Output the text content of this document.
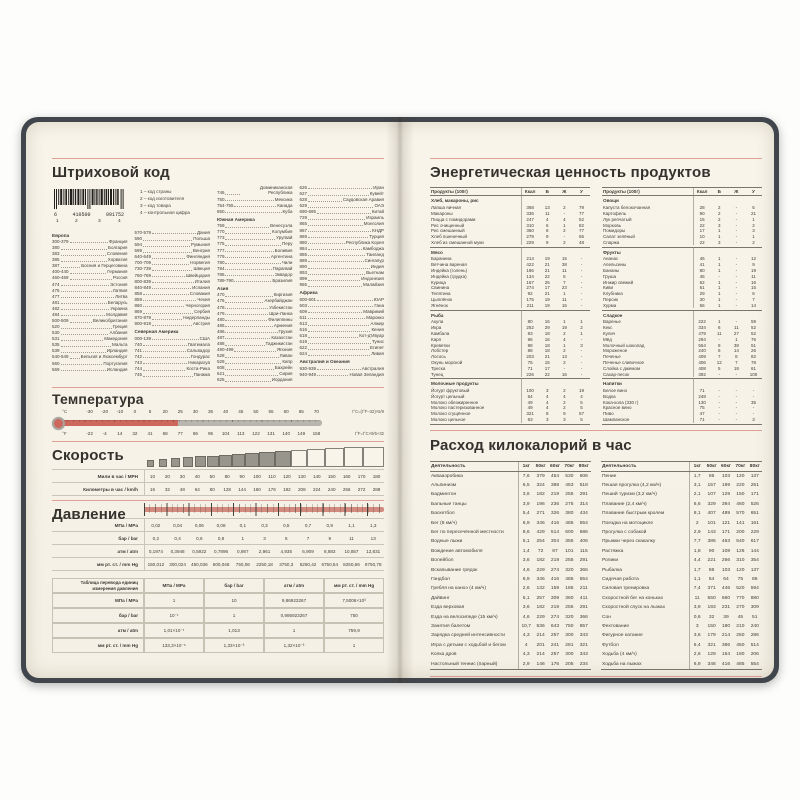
Штриховой код
6	410500	091752
1	2	3	4
1 – код страны
2 – код изготовителя
3 – код товара
4 – контрольная цифра
Европа
300-379	Франция
380	Болгария
383	Словения
385	Хорватия
387	Босния и Герцеговина
400-440	Германия
460-469	Россия
474	Эстония
475	Латвия
477	Литва
481	Беларусь
482	Украина
484	Молдавия
500-509	Великобритания
520	Греция
530	Албания
531	Македония
535	Мальта
539	Ирландия
540-549	Бельгия и Люксембург
560	Португалия
569	Исландия
570-579	Дания
590	Польша
594	Румыния
599	Венгрия
640-649	Финляндия
700-709	Норвегия
730-739	Швеция
760-769	Швейцария
800-839	Италия
840-849	Испания
858	Словакия
859	Чехия
860	Черногория
869	Сербия
870-879	Нидерланды
900-919	Австрия
Северная Америка
000-139	США
740	Гватемала
741	Сальвадор
742	Гондурас
743	Никарагуа
744	Коста-Рика
745	Панама
746
Доминиканская Республика
750	Мексика
754-755	Канада
850	Куба
Южная Америка
759	Венесуэла
770	Колумбия
773	Уругвай
775	Перу
777	Боливия
779	Аргентина
780	Чили
784	Парагвай
786	Эквадор
789-790	Бразилия
Азия
470	Киргизия
476	Азербайджан
478	Узбекистан
479	Шри-Ланка
480	Филиппины
485	Армения
486	Грузия
487	Казахстан
488	Таджикистан
490-499	Япония
528	Ливан
529	Кипр
608	Бахрейн
621	Сирия
625	Иордания
626	Иран
627	Кувейт
628	Саудовская Аравия
629	ОАЭ
690-695	Китай
729	Израиль
865	Монголия
867	КНДР
869	Турция
880	Республика Корея
884	Камбоджа
885	Таиланд
888	Сингапур
890	Индия
893	Вьетнам
899	Индонезия
955	Малайзия
Африка
600-601	ЮАР
603	Гана
609	Маврикий
611	Марокко
613	Алжир
616	Кения
618	Кот-д'Ивуар
619	Тунис
622	Египет
624	Ливия
Австралия и Океания
930-939	Австралия
940-949	Новая Зеландия
Температура
°C	-30	-20	-10	0	5	20	25	30	35	40	45	50	55	60	65	70	t°C=(t°F–32)×5/9
°F	-22	-4	14	32	41	68	77	86	95	104	113	122	131	140	149	158	t°F=t°C×9/5+32
Скорость
Мили в час / MPH	10	20	30	40	50	80	90	100	110	120	130	140	150	160	170	180
Километры в час / km/h	16	32	48	64	80	128	144	160	176	192	208	224	240	256	272	288
Давление
МПа / MPa	0,02	0,04	0,06	0,08	0,1	0,3	0,5	0,7	0,9	1,1	1,3
бар / bar	0,2	0,4	0,6	0,8	1	3	5	7	9	11	13
атм / atm	0,1974	0,3948	0,5922	0,7896	0,987	2,961	4,935	6,909	8,883	10,857	12,831
мм рт. ст. / mm Hg	150,012	300,024	450,036	600,048	750,06	2250,18	3750,3	5250,42	6750,54	8250,66	9750,78
Таблица перевода единиц измерения давления	МПа / MPa	бар / bar	атм / atm	мм рт. ст. / mm Hg
МПа / MPa	1	10	9,86923267	7,5006×10³
бар / bar	10⁻¹	1	0,986923267	750
атм / atm	1,01×10⁻¹	1,013	1	759,9
мм рт. ст. / mm Hg	133,3×10⁻⁶	1,33×10⁻³	1,32×10⁻³	1
Энергетическая ценность продуктов
Продукты (100г)	Ккал	Б	Ж	У
Хлеб, макароны, рис
Лапша яичная	368	13	2	79
Макароны	336	11	-	77
Пицца с помидорами	247	4	4	52
Рис очищенный	310	6	1	82
Рис смешанный	360	8	2	77
Хлеб пшеничный	279	9	-	65
Хлеб из смешанной муки	229	9	2	48
Мясо
Баранина	214	19	15	-
Ветчина вареная	422	21	38	-
Индейка (голень)	186	21	11	-
Индейка (грудка)	134	22	5	-
Курица	167	25	7	-
Свинина	274	17	23	-
Телятина	92	21	1	-
Цыплёнок	175	19	11	-
Ягнёнок	211	19	16	-
Рыба
Акула	80	16	1	1
Икра	252	29	19	2
Камбала	83	18	2	1
Карп	96	16	4	-
Креветки	88	18	1	3
Лобстер	88	18	2	-
Лосось	203	21	13	-
Окунь морской	75	15	2	-
Треска	71	17	-	-
Тунец	226	22	16	-
Молочные продукты
Йогурт фруктовый	100	3	2	19
Йогурт цельный	64	4	4	4
Молоко обезжиренное	49	4	2	5
Молоко пастеризованное	49	4	2	5
Молоко сгущённое	321	8	9	57
Молоко цельное	63	3	3	5
Продукты (100г)	Ккал	Б	Ж	У
Овощи
Капуста белокочанная	28	2	-	5
Картофель	90	2	-	21
Лук репчатый	15	2	-	1
Морковь	22	3	-	2
Помидоры	17	1	-	3
Салат зелёный	10	1	-	1
Спаржа	22	3	-	2
Фрукты
Ананас	46	1	-	12
Апельсины	41	1	-	9
Бананы	80	1	-	19
Груша	45	-	-	11
Инжир свежий	62	1	-	16
Киви	61	1	-	15
Клубника	29	1	-	6
Персик	30	1	-	7
Хурма	56	1	-	14
Сладкое
Варенье	222	1	-	59
Кекс	334	6	11	52
Кулич	479	11	27	52
Мёд	294	-	1	76
Молочный шоколад	554	9	38	51
Мороженое	240	5	14	26
Печенье	409	7	8	82
Печенье сливочное	406	12	7	78
Слойка с джемом	408	5	18	61
Сахар-песок	392	-	-	100
Напитки
Белое вино	71	-	-	-
Водка	248	-	-	-
Кока-кола (330 г)	130	-	-	35
Красное вино	75	-	-	-
Пиво	47	-	-	-
Шампанское	71	-	-	3
Расход килокалорий в час
Деятельность	1кг	50кг 60кг 70кг 80кг
Аквааэробика	7,6	379	454	530	606
Альпинизм	6,5	324	388	453	518
Бадминтон	3,6	182	219	255	291
Бальные танцы	3,9	196	236	275	314
Баскетбол	5,4	271	326	380	434
Бег (8 км/ч)	6,9	346	416	485	554
Бег по пересечённой местности	8,6	429	514	600	686
Водные лыжи	5,1	254	304	355	406
Вождение автомобиля	1,4	72	87	101	115
Волейбол	3,6	182	219	255	291
Вскапывание грядок	4,6	229	274	320	366
Гандбол	6,9	346	416	485	554
Гребля на каноэ (4 км/ч)	2,6	132	159	185	211
Дайвинг	5,1	257	309	360	411
Езда верховая	3,6	182	219	255	291
Езда на велосипеде (15 км/ч)	4,6	229	274	320	366
Занятия балетом	10,7	536	643	750	857
Зарядка средней интенсивности	4,3	214	257	300	343
Игра с детьми с ходьбой и бегом	4	201	241	281	321
Колка дров	4,3	214	257	300	343
Настольный теннис (парный)	2,9	146	176	205	234
Деятельность	1кг	50кг 60кг 70кг 80кг
Пение	1,7	86	103	120	137
Пешая прогулка (4,2 км/ч)	3,1	157	189	220	251
Пеший туризм (3,2 км/ч)	2,1	107	129	150	171
Плавание (2,4 км/ч)	6,6	329	394	460	526
Плавание быстрым кролем	8,1	407	489	570	651
Поездка на мотоцикле	2	101	121	141	161
Прогулка с собакой	2,9	143	171	200	229
Прыжки через скакалку	7,7	386	463	540	617
Растяжка	1,8	90	108	126	144
Ролики	4,4	221	266	310	354
Рыбалка	1,7	86	103	120	137
Сидячая работа	1,1	54	64	75	86
Силовая тренировка	7,4	371	446	520	594
Скоростной бег на коньках	11	550	660	770	880
Скоростной спуск на лыжах	3,9	193	231	270	309
Сон	0,6	32	39	45	51
Фехтование	3	150	180	210	240
Фигурное катание	3,6	179	214	250	286
Футбол	6,4	321	386	450	514
Ходьба (4 км/ч)	2,6	129	154	180	206
Ходьба на лыжах	6,9	346	416	485	554
